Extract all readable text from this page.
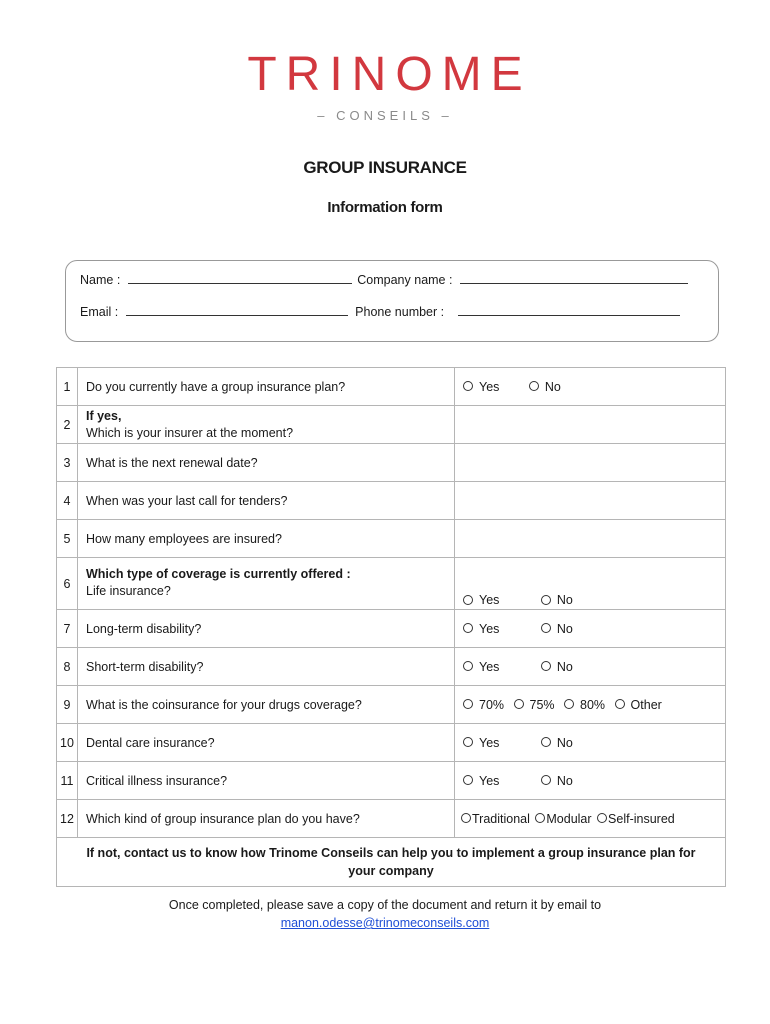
TRINOME
– CONSEILS –
GROUP INSURANCE
Information form
Name :	Company name :
Email :	Phone number :
1	Do you currently have a group insurance plan?	Yes No
2	If yes,
Which is your insurer at the moment?	

3	What is the next renewal date?	
4	When was your last call for tenders?	
5	How many employees are insured?	
6	Which type of coverage is currently offered :
Life insurance?	Yes No
7	Long-term disability?	Yes No
8	Short-term disability?	Yes No
9	What is the coinsurance for your drugs coverage?	70% 75% 80% Other
10	Dental care insurance?	Yes No
11	Critical illness insurance?	Yes No
12	Which kind of group insurance plan do you have?	Traditional Modular Self-insured
If not, contact us to know how Trinome Conseils can help you to implement a group insurance plan for your company		
Once completed, please save a copy of the document and return it by email to
manon.odesse@trinomeconseils.com
